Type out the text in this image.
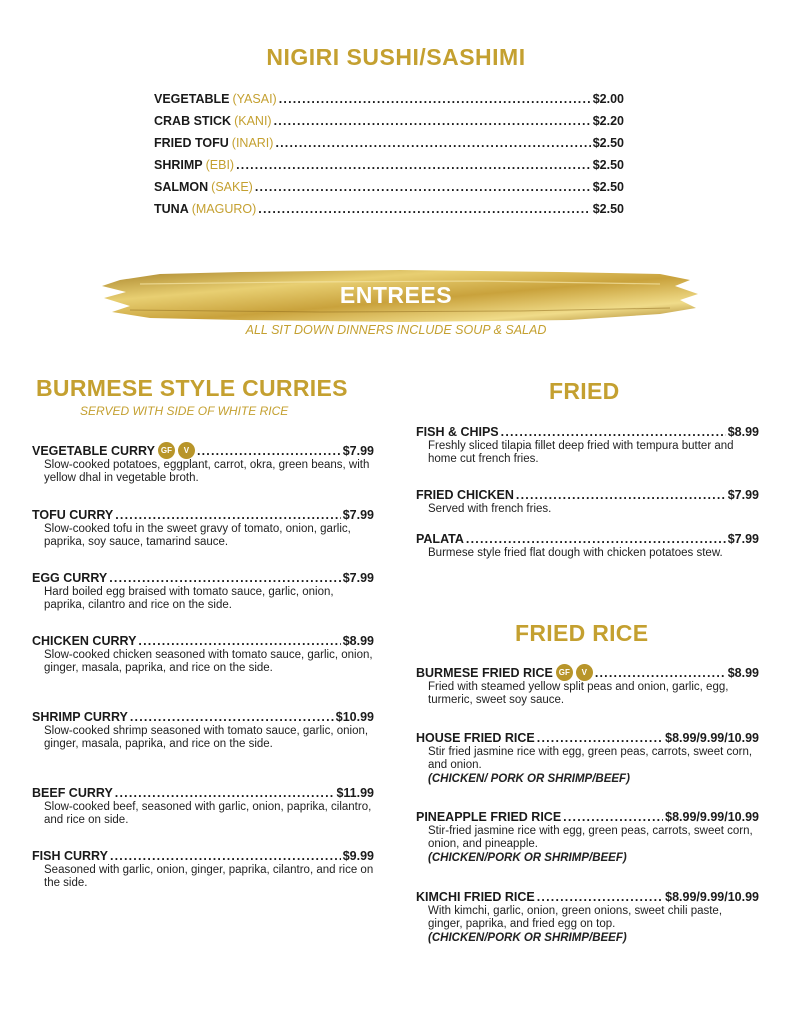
NIGIRI SUSHI/SASHIMI
VEGETABLE (YASAI) .....	$2.00
CRAB STICK (KANI) .....	$2.20
FRIED TOFU (INARI) .....	$2.50
SHRIMP (EBI) .....	$2.50
SALMON (SAKE) .....	$2.50
TUNA (MAGURO) .....	$2.50
ENTREES
ALL SIT DOWN DINNERS INCLUDE SOUP & SALAD
BURMESE STYLE CURRIES
SERVED WITH SIDE OF WHITE RICE
VEGETABLE CURRY GF	V .....	$7.99
Slow-cooked potatoes, eggplant, carrot, okra, green beans, with yellow dhal in vegetable broth.
TOFU CURRY .....	$7.99
Slow-cooked tofu in the sweet gravy of tomato, onion, garlic, paprika, soy sauce, tamarind sauce.
EGG CURRY .....	$7.99
Hard boiled egg braised with tomato sauce, garlic, onion, paprika, cilantro and rice on the side.
CHICKEN CURRY .....	$8.99
Slow-cooked chicken seasoned with tomato sauce, garlic, onion, ginger, masala, paprika, and rice on the side.
SHRIMP CURRY .....	$10.99
Slow-cooked shrimp seasoned with tomato sauce, garlic, onion, ginger, masala, paprika, and rice on the side.
BEEF CURRY .....	$11.99
Slow-cooked beef, seasoned with garlic, onion, paprika, cilantro, and rice on side.
FISH CURRY .....	$9.99
Seasoned with garlic, onion, ginger, paprika, cilantro, and rice on the side.
FRIED
FISH & CHIPS .....	$8.99
Freshly sliced tilapia fillet deep fried with tempura butter and home cut french fries.
FRIED CHICKEN .....	$7.99
Served with french fries.
PALATA .....	$7.99
Burmese style fried flat dough with chicken potatoes stew.
FRIED RICE
BURMESE FRIED RICE GF	V .....	$8.99
Fried with steamed yellow split peas and onion, garlic, egg, turmeric, sweet soy sauce.
HOUSE FRIED RICE .....	$8.99/9.99/10.99
Stir fried jasmine rice with egg, green peas, carrots, sweet corn, and onion.
(CHICKEN/ PORK OR SHRIMP/BEEF)
PINEAPPLE FRIED RICE .....	$8.99/9.99/10.99
Stir-fried jasmine rice with egg, green peas, carrots, sweet corn, onion, and pineapple.
(CHICKEN/PORK OR SHRIMP/BEEF)
KIMCHI FRIED RICE .....	$8.99/9.99/10.99
With kimchi, garlic, onion, green onions, sweet chili paste, ginger, paprika, and fried egg on top.
(CHICKEN/PORK OR SHRIMP/BEEF)
